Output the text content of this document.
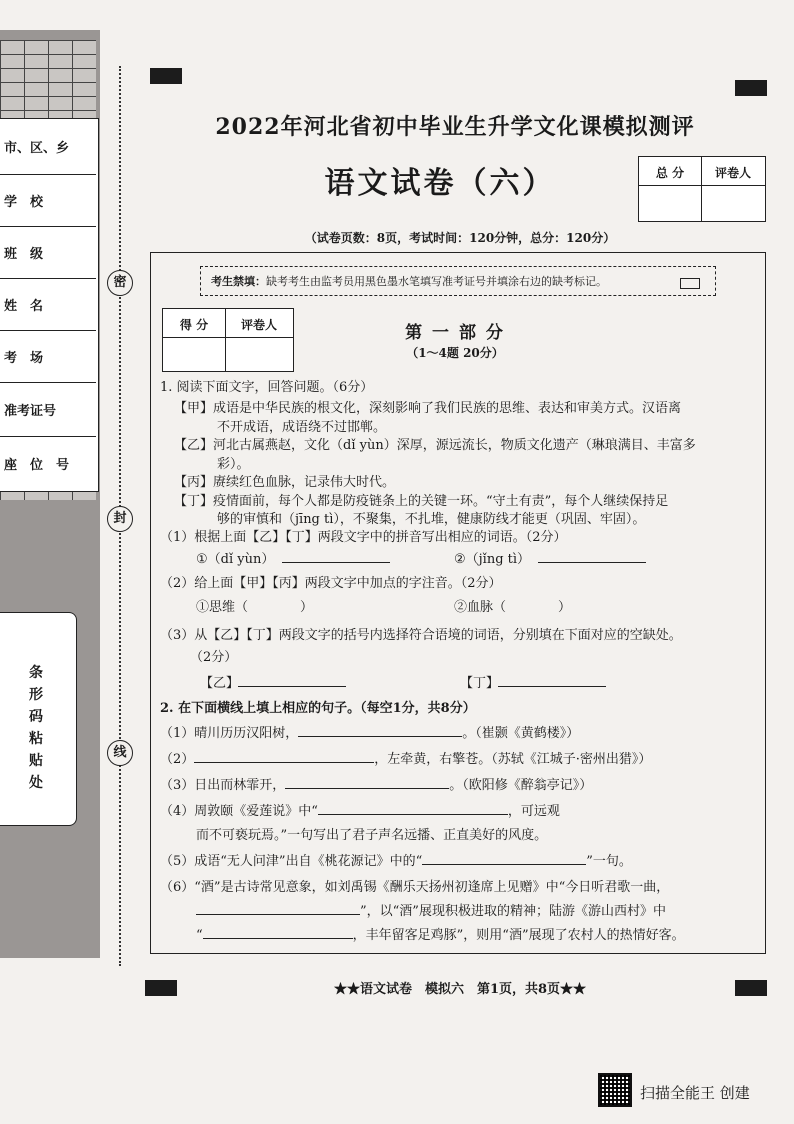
市、区、乡
学　校
班　级
姓　名
考　场
准考证号
座　位　号
条形码粘贴处
密
封
线
2022年河北省初中毕业生升学文化课模拟测评
语文试卷（六）	总 分	评卷人
（试卷页数：8页，考试时间：120分钟，总分：120分）
考生禁填：缺考考生由监考员用黑色墨水笔填写准考证号并填涂右边的缺考标记。
得 分	评卷人	第 一 部 分
（1～4题 20分）
1. 阅读下面文字，回答问题。（6分）
【甲】成语是中华民族的根文化，深刻影响了我们民族的思维、表达和审美方式。汉语离
不开成语，成语绕不过邯郸。
【乙】河北古属燕赵，文化（dǐ yùn）深厚，源远流长，物质文化遗产（琳琅满目、丰富多
彩）。
【丙】赓续红色血脉，记录伟大时代。
【丁】疫情面前，每个人都是防疫链条上的关键一环。“守土有责”，每个人继续保持足
够的审慎和（jīng tì），不聚集，不扎堆，健康防线才能更（巩固、牢固）。
（1）根据上面【乙】【丁】两段文字中的拼音写出相应的词语。（2分）
①（dǐ yùn）	②（jǐng tì）
（2）给上面【甲】【丙】两段文字中加点的字注音。（2分）
①思维（　　　　）	②血脉（　　　　）
（3）从【乙】【丁】两段文字的括号内选择符合语境的词语，分别填在下面对应的空缺处。
（2分）
【乙】	【丁】
2. 在下面横线上填上相应的句子。（每空1分，共8分）
（1）晴川历历汉阳树，	。（崔颢《黄鹤楼》）
（2）	，左牵黄，右擎苍。（苏轼《江城子·密州出猎》）
（3）日出而林霏开，	。（欧阳修《醉翁亭记》）
（4）周敦颐《爱莲说》中“	，可远观
而不可亵玩焉。”一句写出了君子声名远播、正直美好的风度。
（5）成语“无人问津”出自《桃花源记》中的“	”一句。
（6）“酒”是古诗常见意象，如刘禹锡《酬乐天扬州初逢席上见赠》中“今日听君歌一曲，
”，以“酒”展现积极进取的精神；陆游《游山西村》中
“	，丰年留客足鸡豚”，则用“酒”展现了农村人的热情好客。
★★语文试卷　模拟六　第1页，共8页★★
扫描全能王 创建
